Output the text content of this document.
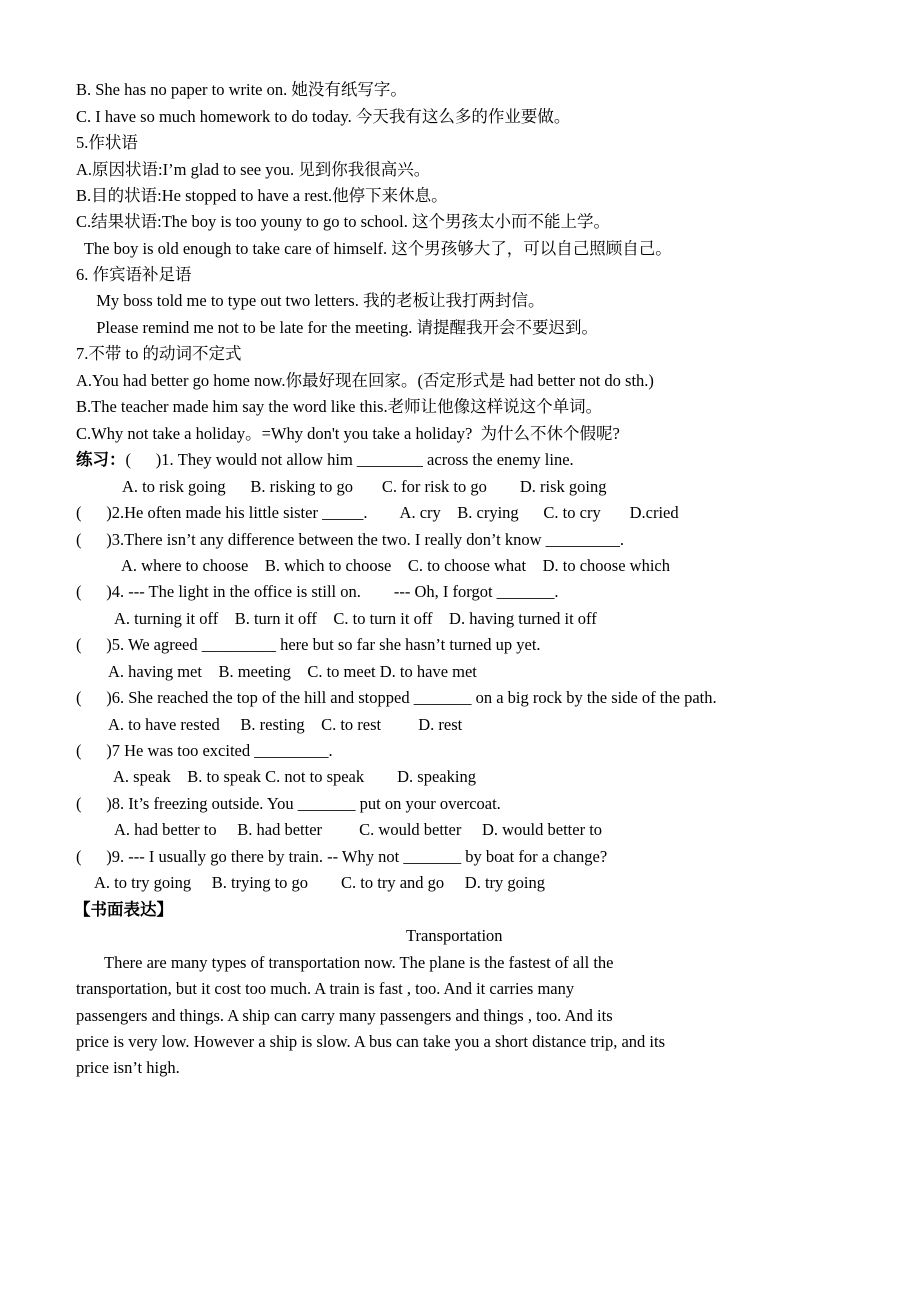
B. She has no paper to write on. 她没有纸写字。
C. I have so much homework to do today. 今天我有这么多的作业要做。
5.作状语
A.原因状语:I’m glad to see you. 见到你我很高兴。
B.目的状语:He stopped to have a rest.他停下来休息。
C.结果状语:The boy is too youny to go to school. 这个男孩太小而不能上学。
The boy is old enough to take care of himself. 这个男孩够大了，可以自己照顾自己。
6. 作宾语补足语
My boss told me to type out two letters. 我的老板让我打两封信。
Please remind me not to be late for the meeting. 请提醒我开会不要迟到。
7.不带 to 的动词不定式
A.You had better go home now.你最好现在回家。(否定形式是 had better not do sth.)
B.The teacher made him say the word like this.老师让他像这样说这个单词。
C.Why not take a holiday。=Why don't you take a holiday?  为什么不休个假呢?
练习：(      )1. They would not allow him ________ across the enemy line.
A. to risk going      B. risking to go       C. for risk to go        D. risk going
(      )2.He often made his little sister _____.        A. cry    B. crying      C. to cry       D.cried
(      )3.There isn’t any difference between the two. I really don’t know _________.
A. where to choose    B. which to choose    C. to choose what    D. to choose which
(      )4. --- The light in the office is still on.        --- Oh, I forgot _______.
A. turning it off    B. turn it off    C. to turn it off    D. having turned it off
(      )5. We agreed _________ here but so far she hasn’t turned up yet.
A. having met    B. meeting    C. to meet D. to have met
(      )6. She reached the top of the hill and stopped _______ on a big rock by the side of the path.
A. to have rested     B. resting    C. to rest         D. rest
(      )7 He was too excited _________.
A. speak    B. to speak C. not to speak        D. speaking
(      )8. It’s freezing outside. You _______ put on your overcoat.
A. had better to     B. had better         C. would better     D. would better to
(      )9. --- I usually go there by train. -- Why not _______ by boat for a change?
A. to try going     B. trying to go        C. to try and go     D. try going
【书面表达】
Transportation
There are many types of transportation now. The plane is the fastest of all the
transportation, but it cost too much. A train is fast , too. And it carries many
passengers and things. A ship can carry many passengers and things , too. And its
price is very low. However a ship is slow. A bus can take you a short distance trip, and its
price isn’t high.
